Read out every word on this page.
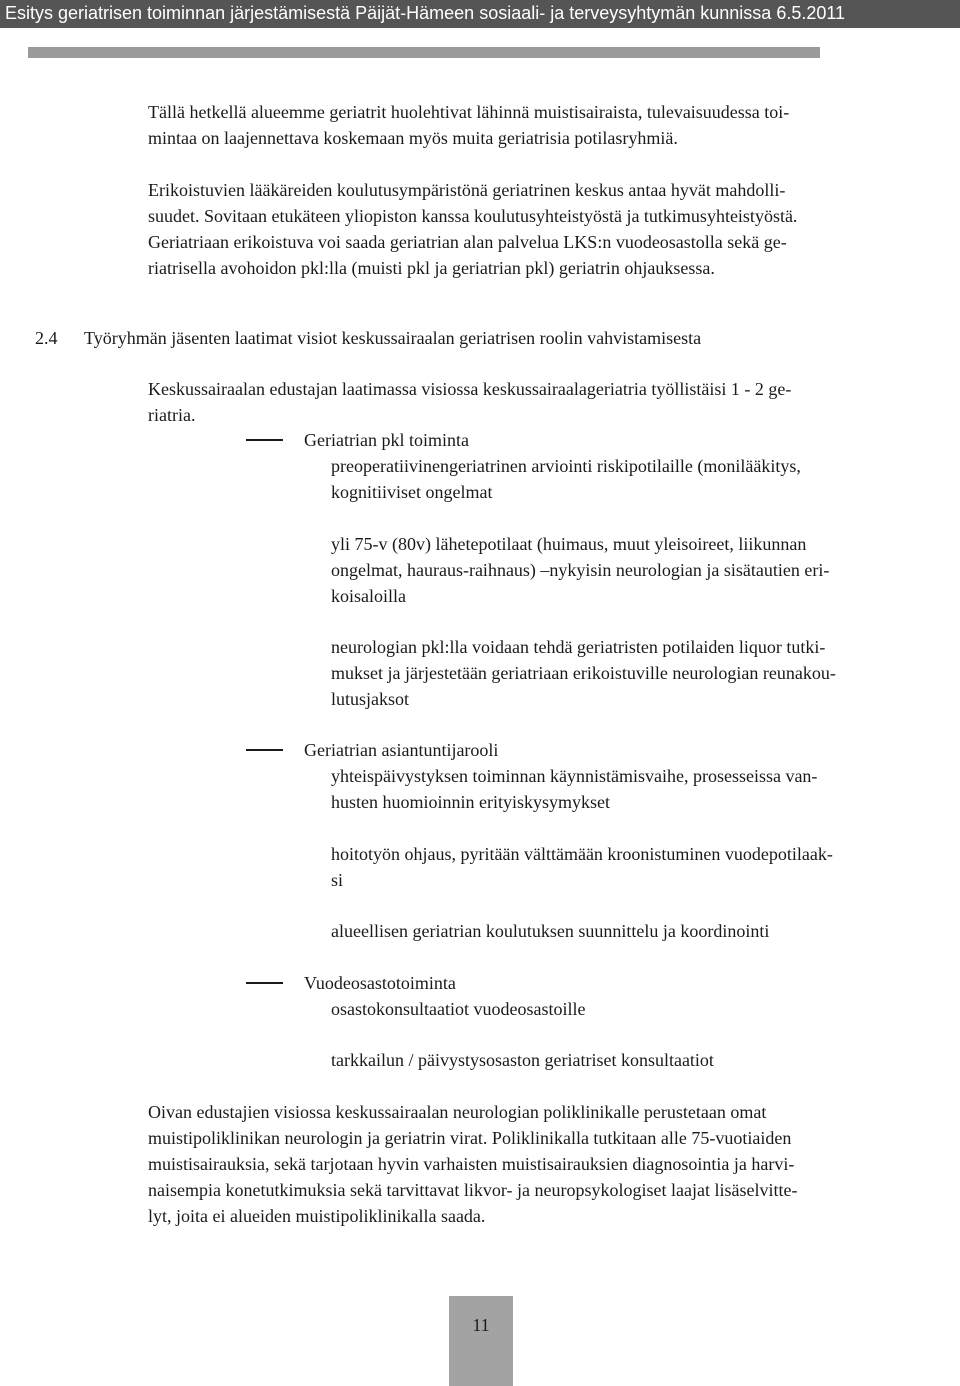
Esitys geriatrisen toiminnan järjestämisestä Päijät-Hämeen sosiaali- ja terveysyhtymän kunnissa 6.5.2011

Tällä hetkellä alueemme geriatrit huolehtivat lähinnä muistisairaista, tulevaisuudessa toi-

mintaa on laajennettava koskemaan myös muita geriatrisia potilasryhmiä.

Erikoistuvien lääkäreiden koulutusympäristönä geriatrinen keskus antaa hyvät mahdolli-

suudet. Sovitaan etukäteen yliopiston kanssa koulutusyhteistyöstä ja tutkimusyhteistyöstä.

Geriatriaan erikoistuva voi saada geriatrian alan palvelua LKS:n vuodeosastolla sekä ge-

riatrisella avohoidon pkl:lla (muisti pkl ja geriatrian pkl) geriatrin ohjauksessa.

2.4 Työryhmän jäsenten laatimat visiot keskussairaalan geriatrisen roolin vahvistamisesta

Keskussairaalan edustajan laatimassa visiossa keskussairaalageriatria työllistäisi 1 - 2 ge-

riatria.

Geriatrian pkl toiminta

preoperatiivinengeriatrinen arviointi riskipotilaille (monilääkitys,

kognitiiviset ongelmat

yli 75-v (80v) lähetepotilaat (huimaus, muut yleisoireet, liikunnan

ongelmat, hauraus-raihnaus) –nykyisin neurologian ja sisätautien eri-

koisaloilla

neurologian pkl:lla voidaan tehdä geriatristen potilaiden liquor tutki-

mukset ja järjestetään geriatriaan erikoistuville neurologian reunakou-

lutusjaksot

Geriatrian asiantuntijarooli

yhteispäivystyksen toiminnan käynnistämisvaihe, prosesseissa van-

husten huomioinnin erityiskysymykset

hoitotyön ohjaus, pyritään välttämään kroonistuminen vuodepotilaak-

si

alueellisen geriatrian koulutuksen suunnittelu ja koordinointi

Vuodeosastotoiminta

osastokonsultaatiot vuodeosastoille

tarkkailun / päivystysosaston geriatriset konsultaatiot

Oivan edustajien visiossa keskussairaalan neurologian poliklinikalle perustetaan omat

muistipoliklinikan neurologin ja geriatrin virat. Poliklinikalla tutkitaan alle 75-vuotiaiden

muistisairauksia, sekä tarjotaan hyvin varhaisten muistisairauksien diagnosointia ja harvi-

naisempia konetutkimuksia sekä tarvittavat likvor- ja neuropsykologiset laajat lisäselvitte-

lyt, joita ei alueiden muistipoliklinikalla saada.

11
